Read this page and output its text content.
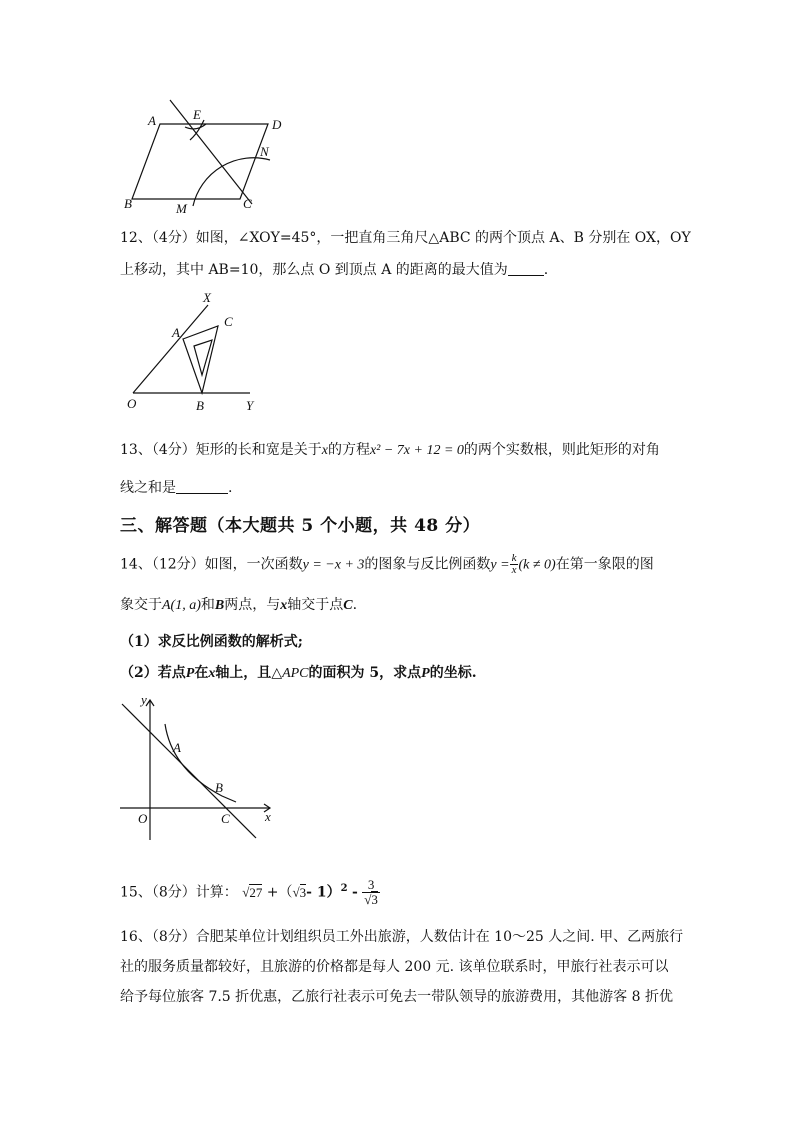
A	E
D
N
B	M	C
12、（4分）如图，∠XOY=45°，一把直角三角尺△ABC 的两个顶点 A、B 分别在 OX，OY
上移动，其中 AB=10，那么点 O 到顶点 A 的距离的最大值为	.
X
A
C
O	B	Y
13、（4分）矩形的长和宽是关于x的方程x² − 7x + 12 = 0的两个实数根，则此矩形的对角
线之和是	.
三、解答题（本大题共 5 个小题，共 48 分）
14、（12分）如图，一次函数y = −x + 3的图象与反比例函数$y = \frac{k}{x} (k \ne 0)$在第一象限的图
象交于A(1, a)和B两点，与x轴交于点C.
（1）求反比例函数的解析式;
（2）若点P在x轴上，且△APC的面积为 5，求点P的坐标.
y
A
B
O	C	x
15、（8分）计算： √27 +（√3- $1)^2 - \frac{3}{√3}$
16、（8分）合肥某单位计划组织员工外出旅游，人数估计在 10～25 人之间. 甲、乙两旅行
社的服务质量都较好，且旅游的价格都是每人 200 元. 该单位联系时，甲旅行社表示可以
给予每位旅客 7.5 折优惠，乙旅行社表示可免去一带队领导的旅游费用，其他游客 8 折优
